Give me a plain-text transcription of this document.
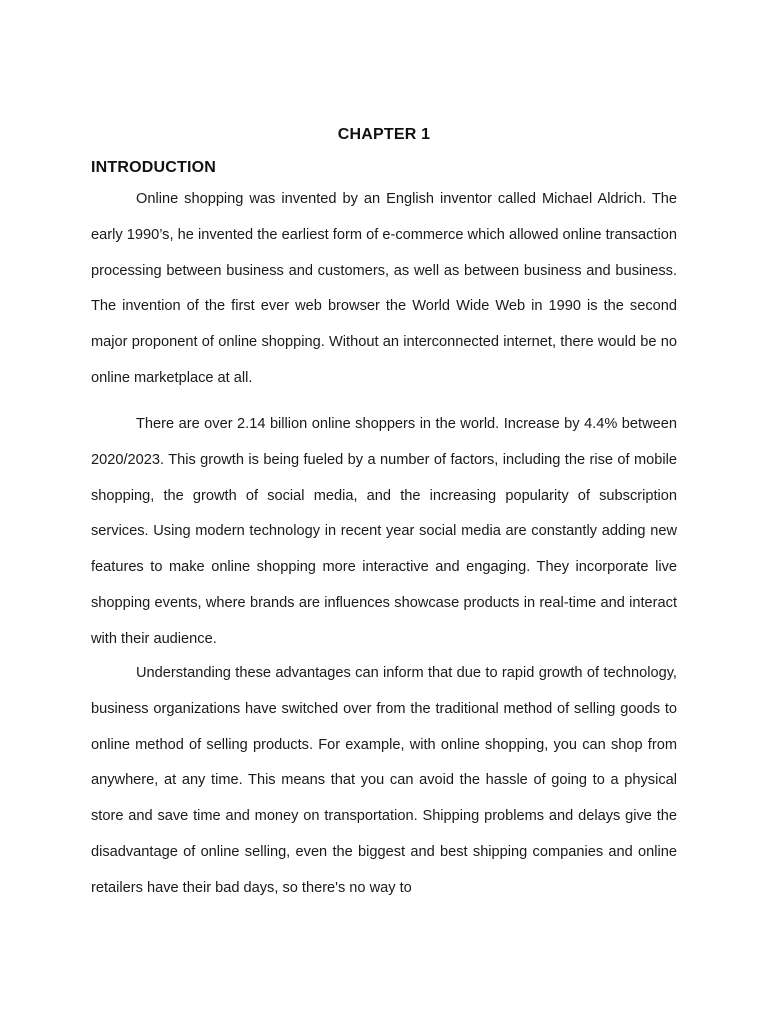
CHAPTER 1
INTRODUCTION

Online shopping was invented by an English inventor called Michael Aldrich. The early 1990’s, he invented the earliest form of e-commerce which allowed online transaction processing between business and customers, as well as between business and business. The invention of the first ever web browser the World Wide Web in 1990 is the second major proponent of online shopping. Without an interconnected internet, there would be no online marketplace at all.

There are over 2.14 billion online shoppers in the world. Increase by 4.4% between 2020/2023. This growth is being fueled by a number of factors, including the rise of mobile shopping, the growth of social media, and the increasing popularity of subscription services. Using modern technology in recent year social media are constantly adding new features to make online shopping more interactive and engaging. They incorporate live shopping events, where brands are influences showcase products in real-time and interact with their audience.

Understanding these advantages can inform that due to rapid growth of technology, business organizations have switched over from the traditional method of selling goods to online method of selling products. For example, with online shopping, you can shop from anywhere, at any time. This means that you can avoid the hassle of going to a physical store and save time and money on transportation. Shipping problems and delays give the disadvantage of online selling, even the biggest and best shipping companies and online retailers have their bad days, so there's no way to
